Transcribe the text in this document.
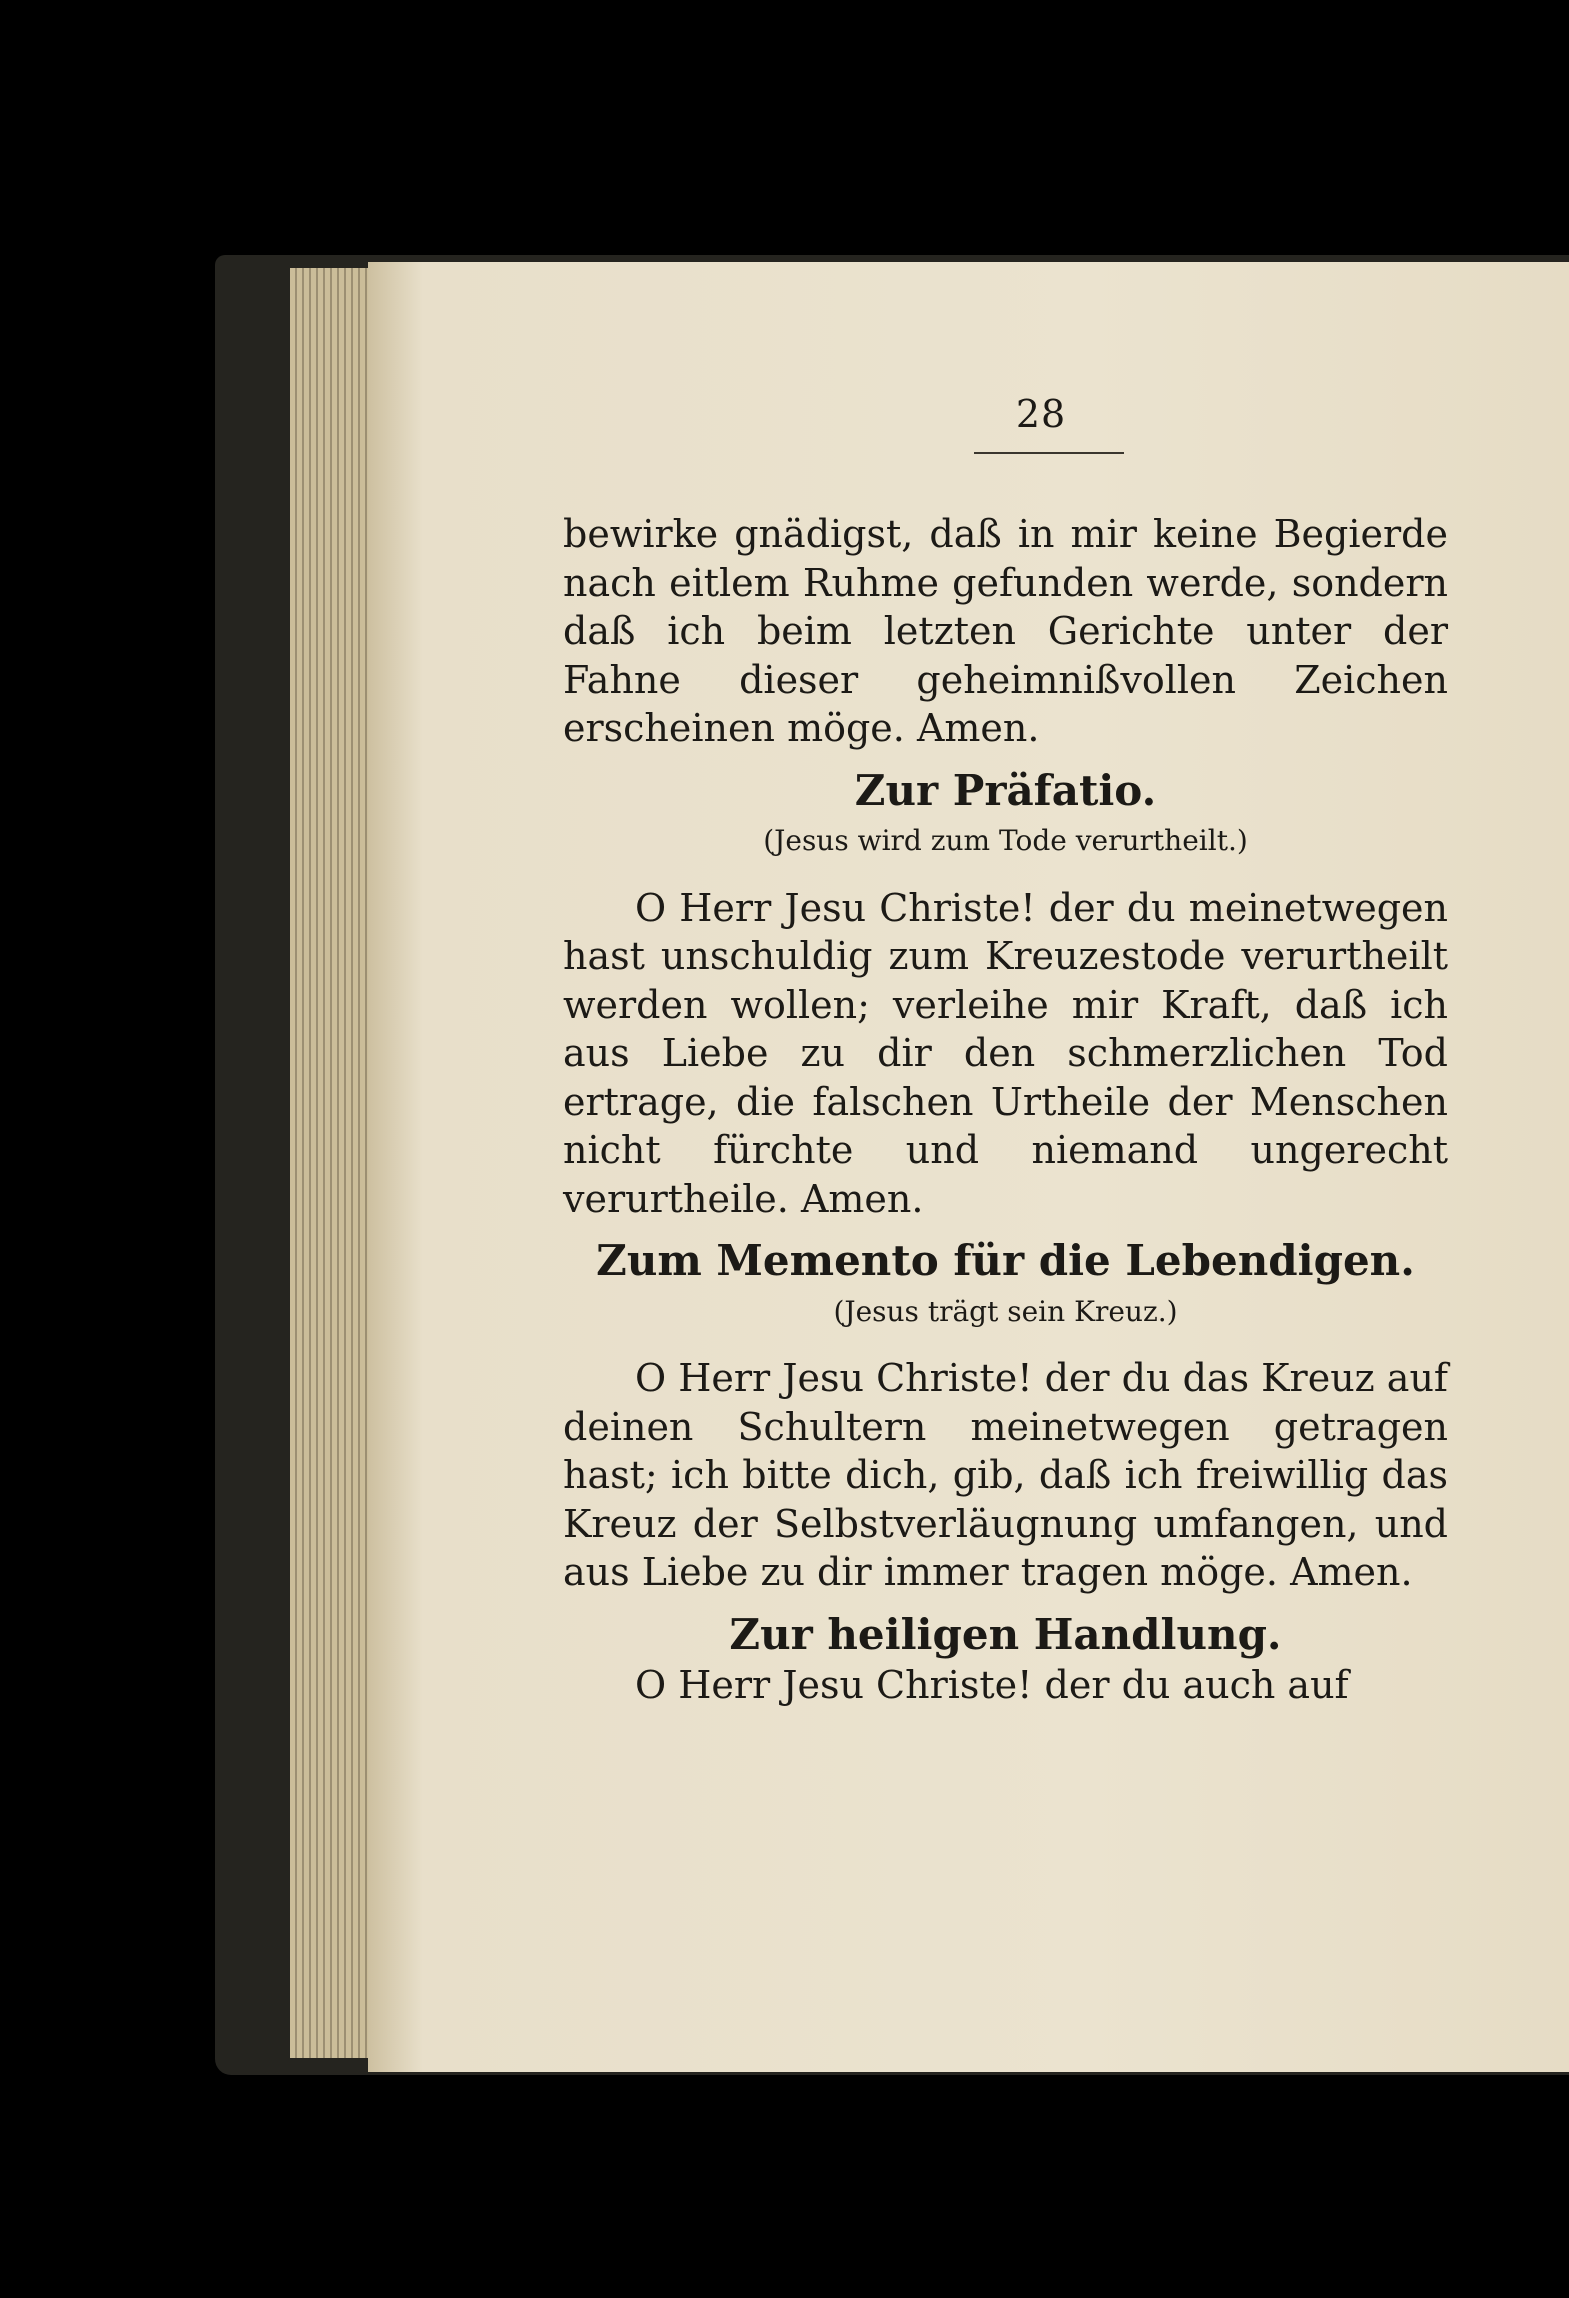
28

bewirke gnädigst, daß in mir keine Begierde nach eitlem Ruhme gefunden werde, sondern daß ich beim letzten Gerichte unter der Fahne dieser geheimnißvollen Zeichen erscheinen möge. Amen.

Zur Präfatio.
(Jesus wird zum Tode verurtheilt.)

O Herr Jesu Christe! der du meinetwegen hast unschuldig zum Kreuzestode verurtheilt werden wollen; verleihe mir Kraft, daß ich aus Liebe zu dir den schmerzlichen Tod ertrage, die falschen Urtheile der Menschen nicht fürchte und niemand ungerecht verurtheile. Amen.

Zum Memento für die Lebendigen.
(Jesus trägt sein Kreuz.)

O Herr Jesu Christe! der du das Kreuz auf deinen Schultern meinetwegen getragen hast; ich bitte dich, gib, daß ich freiwillig das Kreuz der Selbstverläugnung umfangen, und aus Liebe zu dir immer tragen möge. Amen.

Zur heiligen Handlung.

O Herr Jesu Christe! der du auch auf
